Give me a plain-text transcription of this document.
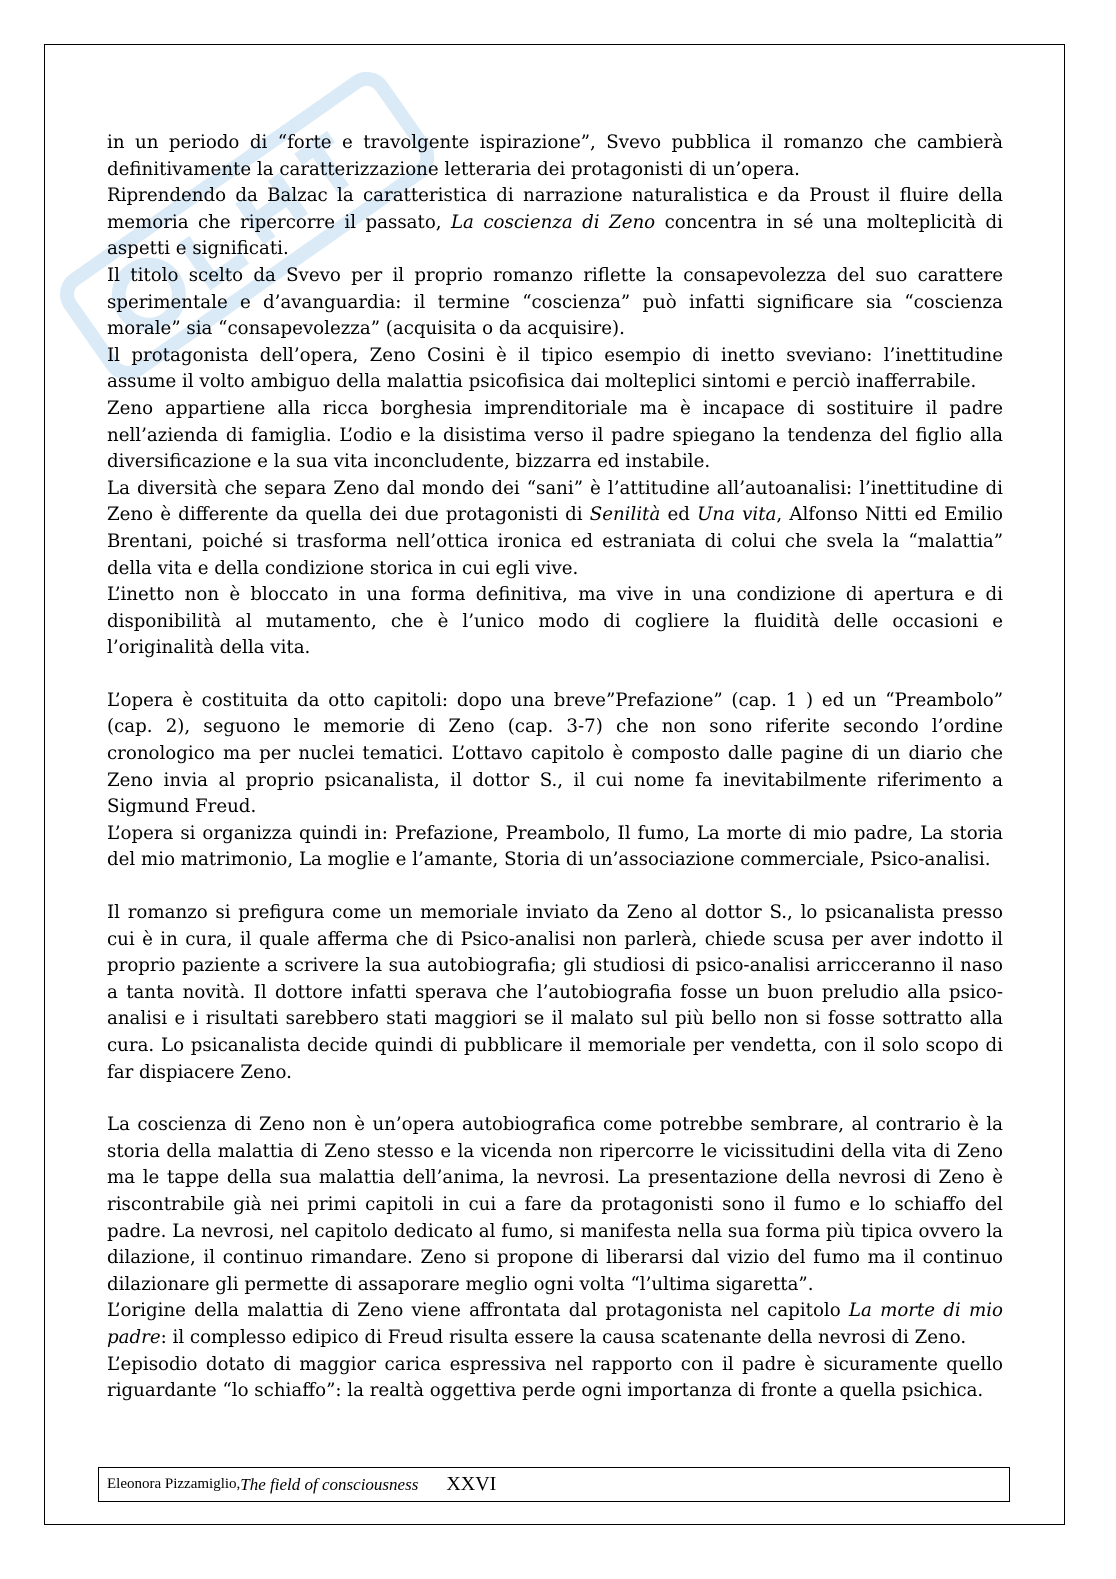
in un periodo di “forte e travolgente ispirazione”, Svevo pubblica il romanzo che cambierà definitivamente la caratterizzazione letteraria dei protagonisti di un’opera.

Riprendendo da Balzac la caratteristica di narrazione naturalistica e da Proust il fluire della memoria che ripercorre il passato, La coscienza di Zeno concentra in sé una molteplicità di aspetti e significati.

Il titolo scelto da Svevo per il proprio romanzo riflette la consapevolezza del suo carattere sperimentale e d’avanguardia: il termine “coscienza” può infatti significare sia “coscienza morale” sia “consapevolezza” (acquisita o da acquisire).

Il protagonista dell’opera, Zeno Cosini è il tipico esempio di inetto sveviano: l’inettitudine assume il volto ambiguo della malattia psicofisica dai molteplici sintomi e perciò inafferrabile.

Zeno appartiene alla ricca borghesia imprenditoriale ma è incapace di sostituire il padre nell’azienda di famiglia. L’odio e la disistima verso il padre spiegano la tendenza del figlio alla diversificazione e la sua vita inconcludente, bizzarra ed instabile.

La diversità che separa Zeno dal mondo dei “sani” è l’attitudine all’autoanalisi: l’inettitudine di Zeno è differente da quella dei due protagonisti di Senilità ed Una vita, Alfonso Nitti ed Emilio Brentani, poiché si trasforma nell’ottica ironica ed estraniata di colui che svela la “malattia” della vita e della condizione storica in cui egli vive.

L’inetto non è bloccato in una forma definitiva, ma vive in una condizione di apertura e di disponibilità al mutamento, che è l’unico modo di cogliere la fluidità delle occasioni e l’originalità della vita.

L’opera è costituita da otto capitoli: dopo una breve”Prefazione” (cap. 1 ) ed un “Preambolo” (cap. 2), seguono le memorie di Zeno (cap. 3-7) che non sono riferite secondo l’ordine cronologico ma per nuclei tematici. L’ottavo capitolo è composto dalle pagine di un diario che Zeno invia al proprio psicanalista, il dottor S., il cui nome fa inevitabilmente riferimento a Sigmund Freud.

L’opera si organizza quindi in: Prefazione, Preambolo, Il fumo, La morte di mio padre, La storia del mio matrimonio, La moglie e l’amante, Storia di un’associazione commerciale, Psico-analisi.

Il romanzo si prefigura come un memoriale inviato da Zeno al dottor S., lo psicanalista presso cui è in cura, il quale afferma che di Psico-analisi non parlerà, chiede scusa per aver indotto il proprio paziente a scrivere la sua autobiografia; gli studiosi di psico-analisi arricceranno il naso a tanta novità. Il dottore infatti sperava che l’autobiografia fosse un buon preludio alla psico-analisi e i risultati sarebbero stati maggiori se il malato sul più bello non si fosse sottratto alla cura. Lo psicanalista decide quindi di pubblicare il memoriale per vendetta, con il solo scopo di far dispiacere Zeno.

La coscienza di Zeno non è un’opera autobiografica come potrebbe sembrare, al contrario è la storia della malattia di Zeno stesso e la vicenda non ripercorre le vicissitudini della vita di Zeno ma le tappe della sua malattia dell’anima, la nevrosi. La presentazione della nevrosi di Zeno è riscontrabile già nei primi capitoli in cui a fare da protagonisti sono il fumo e lo schiaffo del padre. La nevrosi, nel capitolo dedicato al fumo, si manifesta nella sua forma più tipica ovvero la dilazione, il continuo rimandare. Zeno si propone di liberarsi dal vizio del fumo ma il continuo dilazionare gli permette di assaporare meglio ogni volta “l’ultima sigaretta”.

L’origine della malattia di Zeno viene affrontata dal protagonista nel capitolo La morte di mio padre: il complesso edipico di Freud risulta essere la causa scatenante della nevrosi di Zeno.

L’episodio dotato di maggior carica espressiva nel rapporto con il padre è sicuramente quello riguardante “lo schiaffo”: la realtà oggettiva perde ogni importanza di fronte a quella psichica.

Eleonora Pizzamiglio , The field of consciousness XXVI
